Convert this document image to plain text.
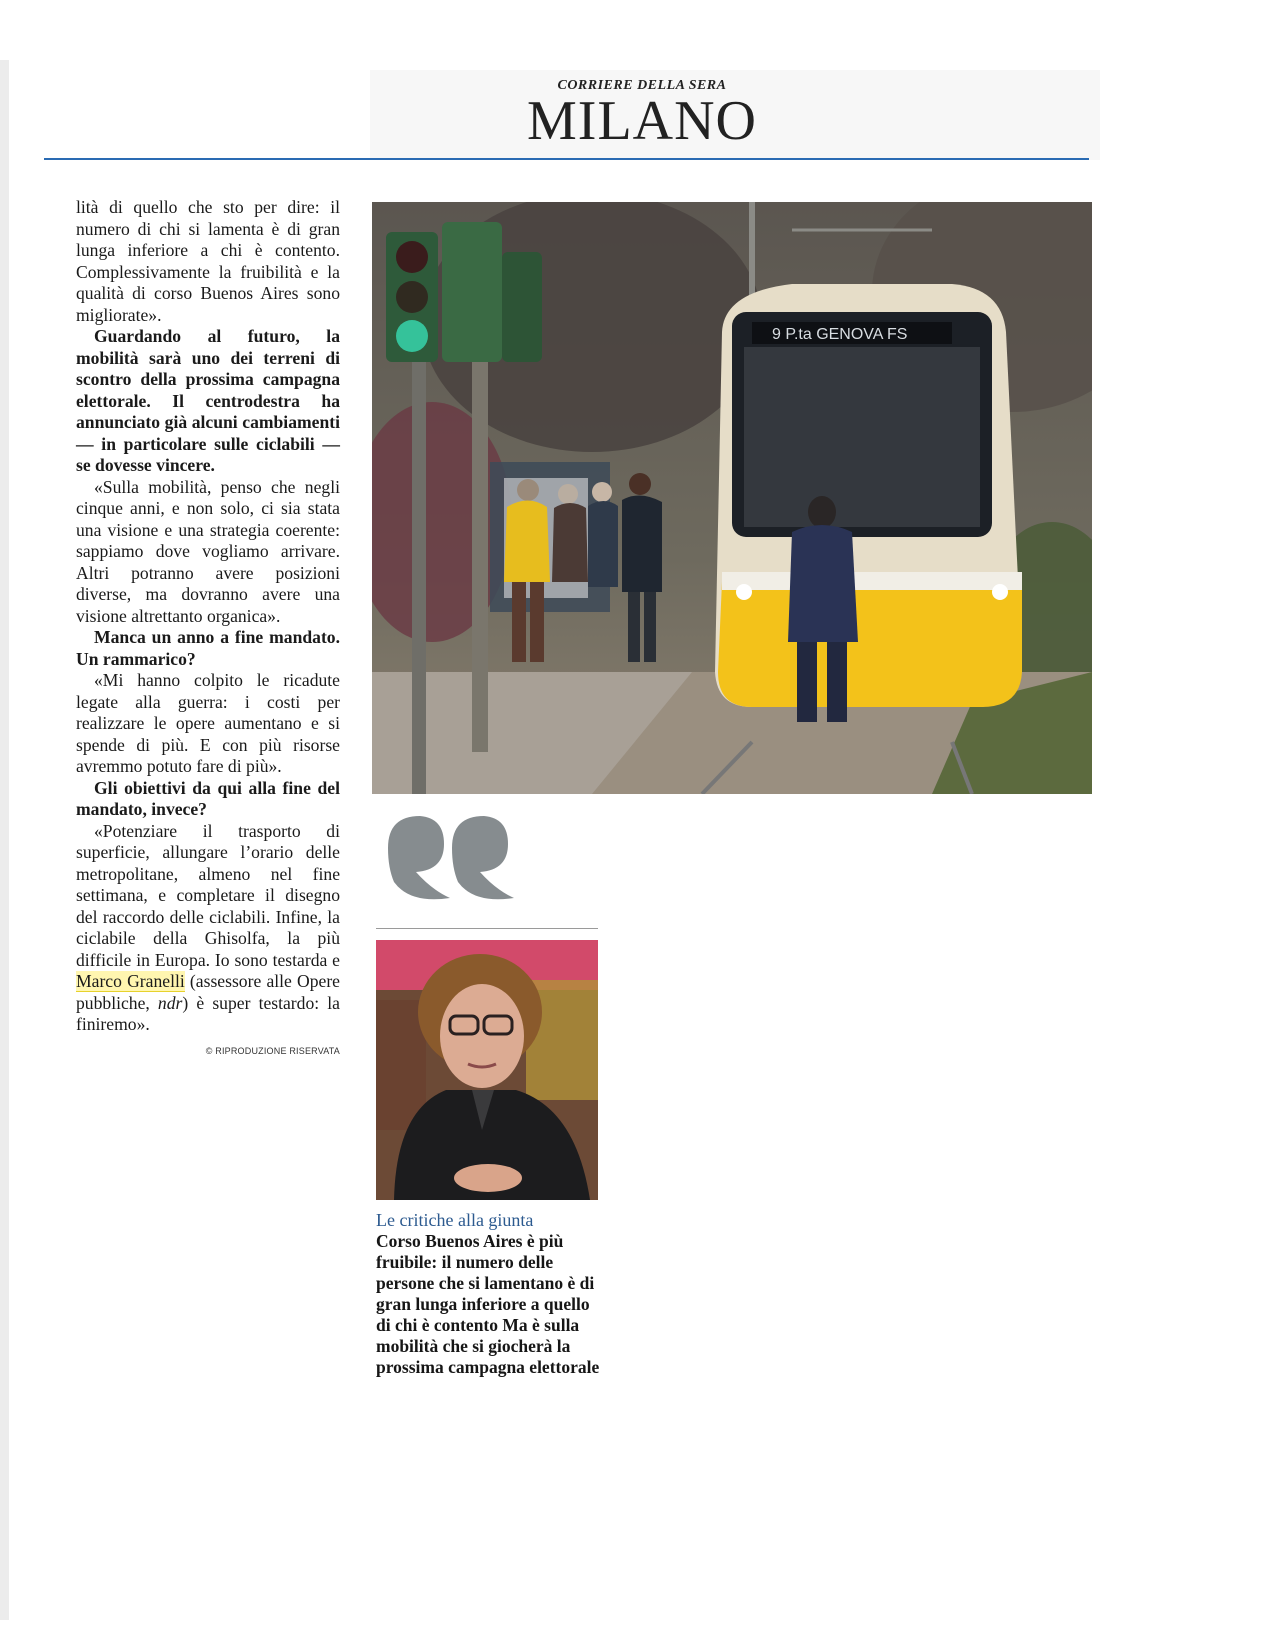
CORRIERE DELLA SERA
MILANO

lità di quello che sto per dire: il numero di chi si lamenta è di gran lunga inferiore a chi è contento. Complessivamente la fruibilità e la qualità di corso Buenos Aires sono migliorate».

Guardando al futuro, la mobilità sarà uno dei terreni di scontro della prossima campagna elettorale. Il centrodestra ha annunciato già alcuni cambiamenti — in particolare sulle ciclabili — se dovesse vincere.

«Sulla mobilità, penso che negli cinque anni, e non solo, ci sia stata una visione e una strategia coerente: sappiamo dove vogliamo arrivare. Altri potranno avere posizioni diverse, ma dovranno avere una visione altrettanto organica».

Manca un anno a fine mandato. Un rammarico?

«Mi hanno colpito le ricadute legate alla guerra: i costi per realizzare le opere aumentano e si spende di più. E con più risorse avremmo potuto fare di più».

Gli obiettivi da qui alla fine del mandato, invece?

«Potenziare il trasporto di superficie, allungare l’orario delle metropolitane, almeno nel fine settimana, e completare il disegno del raccordo delle ciclabili. Infine, la ciclabile della Ghisolfa, la più difficile in Europa. Io sono testarda e Marco Granelli (assessore alle Opere pubbliche, ndr) è super testardo: la finiremo».

© RIPRODUZIONE RISERVATA
9 P.ta GENOVA FS

Le critiche alla giunta

Corso Buenos Aires è più fruibile: il numero delle persone che si lamentano è di gran lunga inferiore a quello di chi è contento Ma è sulla mobilità che si giocherà la prossima campagna elettorale
